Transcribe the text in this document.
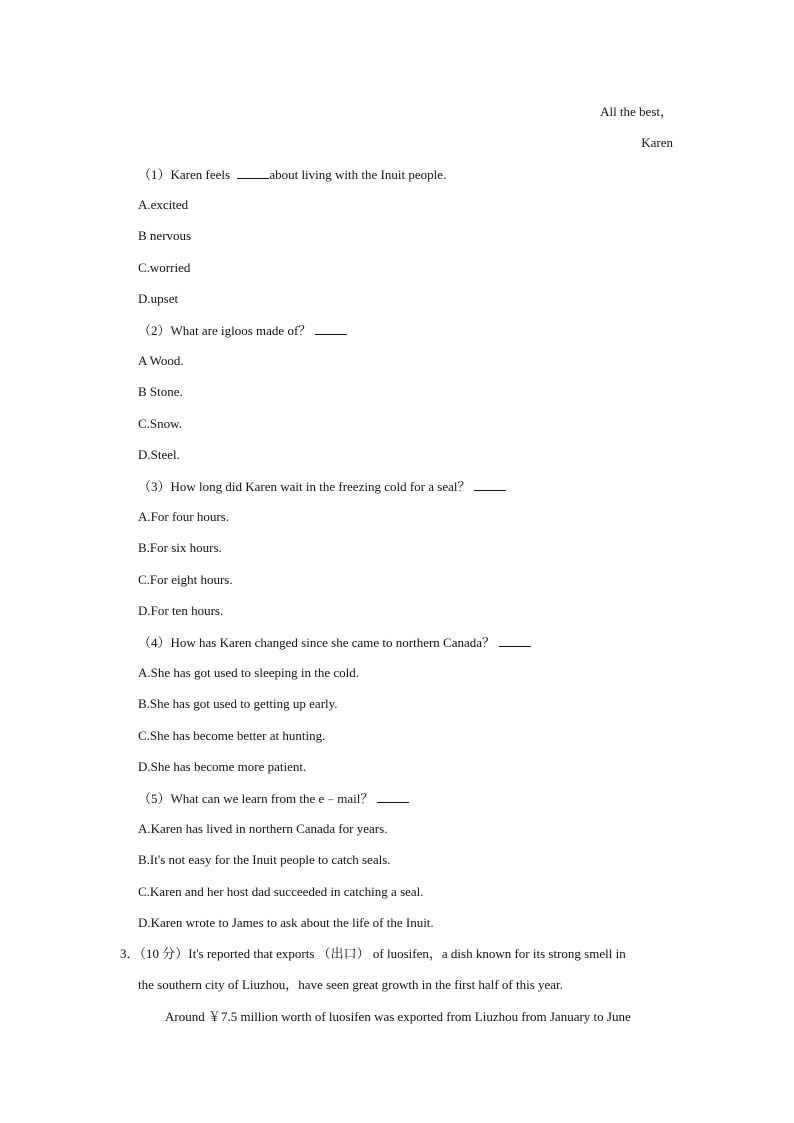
All the best，
Karen
（1）Karen feels	about living with the Inuit people.
A.excited
B nervous
C.worried
D.upset
（2）What are igloos made of？
A Wood.
B Stone.
C.Snow.
D.Steel.
（3）How long did Karen wait in the freezing cold for a seal？
A.For four hours.
B.For six hours.
C.For eight hours.
D.For ten hours.
（4）How has Karen changed since she came to northern Canada？
A.She has got used to sleeping in the cold.
B.She has got used to getting up early.
C.She has become better at hunting.
D.She has become more patient.
（5）What can we learn from the e﹣mail？
A.Karen has lived in northern Canada for years.
B.It's not easy for the Inuit people to catch seals.
C.Karen and her host dad succeeded in catching a seal.
D.Karen wrote to James to ask about the life of the Inuit.
3．（10 分）It's reported that exports （出口） of luosifen，a dish known for its strong smell in
the southern city of Liuzhou，have seen great growth in the first half of this year.
Around ￥7.5 million worth of luosifen was exported from Liuzhou from January to June
